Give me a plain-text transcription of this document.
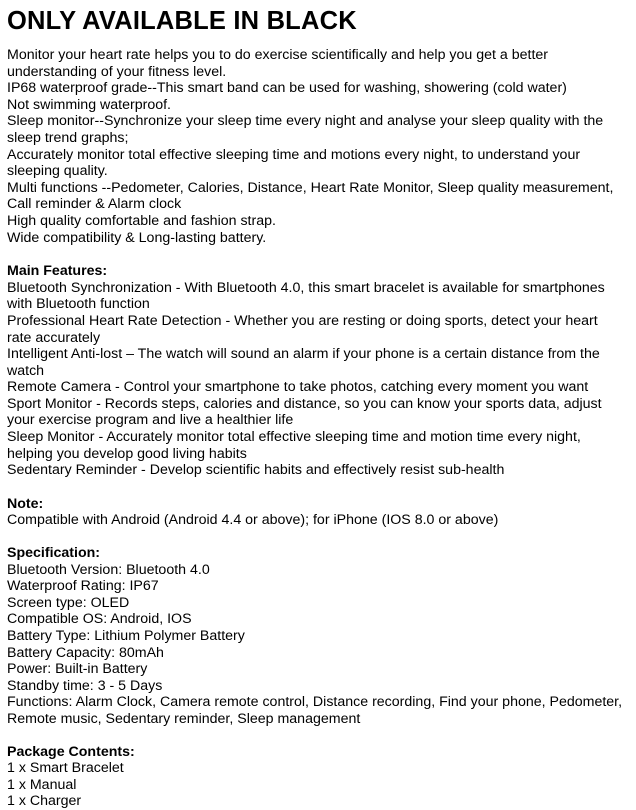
ONLY AVAILABLE IN BLACK
Monitor your heart rate helps you to do exercise scientifically and help you get a better
understanding of your fitness level.
IP68 waterproof grade--This smart band can be used for washing, showering (cold water)
Not swimming waterproof.
Sleep monitor--Synchronize your sleep time every night and analyse your sleep quality with the
sleep trend graphs;
Accurately monitor total effective sleeping time and motions every night, to understand your
sleeping quality.
Multi functions --Pedometer, Calories, Distance, Heart Rate Monitor, Sleep quality measurement,
Call reminder & Alarm clock
High quality comfortable and fashion strap.
Wide compatibility & Long-lasting battery.
Main Features:
Bluetooth Synchronization - With Bluetooth 4.0, this smart bracelet is available for smartphones
with Bluetooth function
Professional Heart Rate Detection - Whether you are resting or doing sports, detect your heart
rate accurately
Intelligent Anti-lost – The watch will sound an alarm if your phone is a certain distance from the
watch
Remote Camera - Control your smartphone to take photos, catching every moment you want
Sport Monitor - Records steps, calories and distance, so you can know your sports data, adjust
your exercise program and live a healthier life
Sleep Monitor - Accurately monitor total effective sleeping time and motion time every night,
helping you develop good living habits
Sedentary Reminder - Develop scientific habits and effectively resist sub-health
Note:
Compatible with Android (Android 4.4 or above); for iPhone (IOS 8.0 or above)
Specification:
Bluetooth Version: Bluetooth 4.0
Waterproof Rating: IP67
Screen type: OLED
Compatible OS: Android, IOS
Battery Type: Lithium Polymer Battery
Battery Capacity: 80mAh
Power: Built-in Battery
Standby time: 3 - 5 Days
Functions: Alarm Clock, Camera remote control, Distance recording, Find your phone, Pedometer,
Remote music, Sedentary reminder, Sleep management
Package Contents:
1 x Smart Bracelet
1 x Manual
1 x Charger
